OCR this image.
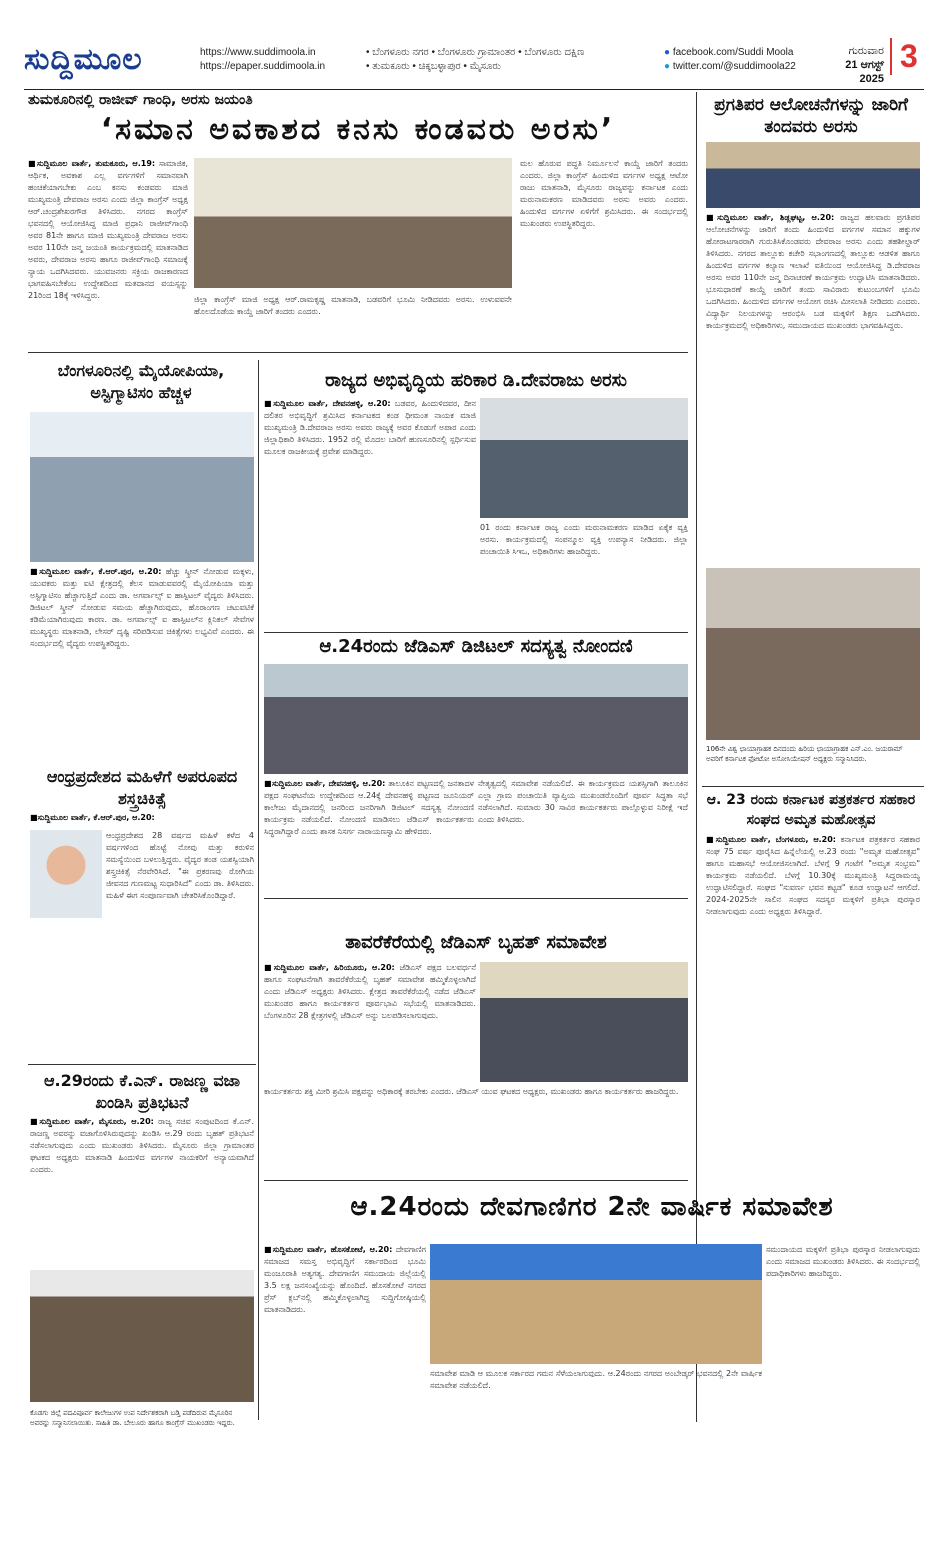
ಸುದ್ದಿಮೂಲ	https://www.suddimoola.in
https://epaper.suddimoola.in
• ಬೆಂಗಳೂರು ನಗರ • ಬೆಂಗಳೂರು ಗ್ರಾಮಾಂತರ • ಬೆಂಗಳೂರು ದಕ್ಷಿಣ
• ತುಮಕೂರು • ಚಿಕ್ಕಬಳ್ಳಾಪುರ • ಮೈಸೂರು
● facebook.com/Suddi Moola
● twitter.com/@suddimoola22
ಗುರುವಾರ
21 ಆಗಸ್ಟ್ 2025
3
ತುಮಕೂರಿನಲ್ಲಿ ರಾಜೀವ್ ಗಾಂಧಿ, ಅರಸು ಜಯಂತಿ
‘ಸಮಾನ ಅವಕಾಶದ ಕನಸು ಕಂಡವರು ಅರಸು’
■ಸುದ್ದಿಮೂಲ ವಾರ್ತೆ, ತುಮಕೂರು, ಆ.19: ಸಾಮಾಜಿಕ, ಆರ್ಥಿಕ, ಅವಕಾಶ ಎಲ್ಲ ವರ್ಗಗಳಿಗೆ ಸಮಾನವಾಗಿ ಹಂಚಿಕೆಯಾಗಬೇಕು ಎಂಬ ಕನಸು ಕಂಡವರು ಮಾಜಿ ಮುಖ್ಯಮಂತ್ರಿ ದೇವರಾಜ ಅರಸು ಎಂದು ಜಿಲ್ಲಾ ಕಾಂಗ್ರೆಸ್ ಅಧ್ಯಕ್ಷ ಆರ್.ಚಂದ್ರಶೇಖರಗೌಡ ತಿಳಿಸಿದರು. ನಗರದ ಕಾಂಗ್ರೆಸ್ ಭವನದಲ್ಲಿ ಆಯೋಜಿಸಿದ್ದ ಮಾಜಿ ಪ್ರಧಾನಿ ರಾಜೀವ್‌ಗಾಂಧಿ ಅವರ 81ನೇ ಹಾಗೂ ಮಾಜಿ ಮುಖ್ಯಮಂತ್ರಿ ದೇವರಾಜ ಅರಸು ಅವರ 110ನೇ ಜನ್ಮ ಜಯಂತಿ ಕಾರ್ಯಕ್ರಮದಲ್ಲಿ ಮಾತನಾಡಿದ ಅವರು, ದೇವರಾಜ ಅರಸು ಹಾಗೂ ರಾಜೀವ್‌ಗಾಂಧಿ ಸಮಾಜಕ್ಕೆ ನ್ಯಾಯ ಒದಗಿಸಿದವರು. ಯುವಜನರು ಸಕ್ರಿಯ ರಾಜಕಾರಣದ ಭಾಗವಹಿಸಬೇಕೆಂಬ ಉದ್ದೇಶದಿಂದ ಮತದಾನದ ವಯಸ್ಸನ್ನು 21ರಿಂದ 18ಕ್ಕೆ ಇಳಿಸಿದ್ದರು.
ಮಲ ಹೊರುವ ಪದ್ಧತಿ ನಿರ್ಮೂಲನೆ ಕಾಯ್ದೆ ಜಾರಿಗೆ ತಂದರು ಎಂದರು. ಜಿಲ್ಲಾ ಕಾಂಗ್ರೆಸ್ ಹಿಂದುಳಿದ ವರ್ಗಗಳ ಅಧ್ಯಕ್ಷ ಆಟೋ ರಾಜು ಮಾತನಾಡಿ, ಮೈಸೂರು ರಾಜ್ಯವನ್ನು ಕರ್ನಾಟಕ ಎಂದು ಮರುನಾಮಕರಣ ಮಾಡಿದವರು ಅರಸು ಅವರು ಎಂದರು. ಹಿಂದುಳಿದ ವರ್ಗಗಳ ಏಳಿಗೆಗೆ ಶ್ರಮಿಸಿದರು. ಈ ಸಂದರ್ಭದಲ್ಲಿ ಮುಖಂಡರು ಉಪಸ್ಥಿತರಿದ್ದರು.
ಜಿಲ್ಲಾ ಕಾಂಗ್ರೆಸ್ ಮಾಜಿ ಅಧ್ಯಕ್ಷ ಆರ್.ರಾಮಕೃಷ್ಣ ಮಾತನಾಡಿ, ಬಡವರಿಗೆ ಭೂಮಿ ನೀಡಿದವರು ಅರಸು. ಉಳುವವನೇ ಹೊಲದೊಡೆಯ ಕಾಯ್ದೆ ಜಾರಿಗೆ ತಂದರು ಎಂದರು.
ಪ್ರಗತಿಪರ ಆಲೋಚನೆಗಳನ್ನು ಜಾರಿಗೆ ತಂದವರು ಅರಸು
■ಸುದ್ದಿಮೂಲ ವಾರ್ತೆ, ಶಿಡ್ಲಘಟ್ಟ, ಆ.20: ರಾಜ್ಯದ ಹಲವಾರು ಪ್ರಗತಿಪರ ಆಲೋಚನೆಗಳನ್ನು ಜಾರಿಗೆ ತಂದು ಹಿಂದುಳಿದ ವರ್ಗಗಳ ಸಮಾನ ಹಕ್ಕುಗಳ ಹೋರಾಟಗಾರರಾಗಿ ಗುರುತಿಸಿಕೊಂಡವರು ದೇವರಾಜ ಅರಸು ಎಂದು ತಹಶೀಲ್ದಾರ್ ತಿಳಿಸಿದರು. ನಗರದ ತಾಲ್ಲೂಕು ಕಚೇರಿ ಸಭಾಂಗಣದಲ್ಲಿ ತಾಲ್ಲೂಕು ಆಡಳಿತ ಹಾಗೂ ಹಿಂದುಳಿದ ವರ್ಗಗಳ ಕಲ್ಯಾಣ ಇಲಾಖೆ ವತಿಯಿಂದ ಆಯೋಜಿಸಿದ್ದ ಡಿ.ದೇವರಾಜ ಅರಸು ಅವರ 110ನೇ ಜನ್ಮ ದಿನಾಚರಣೆ ಕಾರ್ಯಕ್ರಮ ಉದ್ಘಾಟಿಸಿ ಮಾತನಾಡಿದರು. ಭೂಸುಧಾರಣೆ ಕಾಯ್ದೆ ಜಾರಿಗೆ ತಂದು ಸಾವಿರಾರು ಕುಟುಂಬಗಳಿಗೆ ಭೂಮಿ ಒದಗಿಸಿದರು. ಹಿಂದುಳಿದ ವರ್ಗಗಳ ಆಯೋಗ ರಚಿಸಿ ಮೀಸಲಾತಿ ನೀಡಿದರು ಎಂದರು. ವಿದ್ಯಾರ್ಥಿ ನಿಲಯಗಳನ್ನು ಆರಂಭಿಸಿ ಬಡ ಮಕ್ಕಳಿಗೆ ಶಿಕ್ಷಣ ಒದಗಿಸಿದರು. ಕಾರ್ಯಕ್ರಮದಲ್ಲಿ ಅಧಿಕಾರಿಗಳು, ಸಮುದಾಯದ ಮುಖಂಡರು ಭಾಗವಹಿಸಿದ್ದರು.
ಬೆಂಗಳೂರಿನಲ್ಲಿ ಮೈಯೋಪಿಯಾ, ಅಸ್ಟಿಗ್ಮಾಟಿಸಂ ಹೆಚ್ಚಳ
■ಸುದ್ದಿಮೂಲ ವಾರ್ತೆ, ಕೆ.ಆರ್.ಪುರ, ಆ.20: ಹೆಚ್ಚು ಸ್ಕ್ರೀನ್ ನೋಡುವ ಮಕ್ಕಳು, ಯುವಕರು ಮತ್ತು ಐಟಿ ಕ್ಷೇತ್ರದಲ್ಲಿ ಕೆಲಸ ಮಾಡುವವರಲ್ಲಿ ಮೈಯೋಪಿಯಾ ಮತ್ತು ಅಸ್ಟಿಗ್ಮಾಟಿಸಂ ಹೆಚ್ಚಾಗುತ್ತಿದೆ ಎಂದು ಡಾ. ಅಗರ್ವಾಲ್ಸ್ ಐ ಹಾಸ್ಪಿಟಲ್ ವೈದ್ಯರು ತಿಳಿಸಿದರು. ಡಿಜಿಟಲ್ ಸ್ಕ್ರೀನ್ ನೋಡುವ ಸಮಯ ಹೆಚ್ಚಾಗಿರುವುದು, ಹೊರಾಂಗಣ ಚಟುವಟಿಕೆ ಕಡಿಮೆಯಾಗಿರುವುದು ಕಾರಣ. ಡಾ. ಅಗರ್ವಾಲ್ಸ್ ಐ ಹಾಸ್ಪಿಟಲ್‌ನ ಕ್ಲಿನಿಕಲ್ ಸೇವೆಗಳ ಮುಖ್ಯಸ್ಥರು ಮಾತನಾಡಿ, ಲೇಸರ್ ದೃಷ್ಟಿ ಸರಿಪಡಿಸುವ ಚಿಕಿತ್ಸೆಗಳು ಲಭ್ಯವಿವೆ ಎಂದರು. ಈ ಸಂದರ್ಭದಲ್ಲಿ ವೈದ್ಯರು ಉಪಸ್ಥಿತರಿದ್ದರು.
ರಾಜ್ಯದ ಅಭಿವೃದ್ಧಿಯ ಹರಿಕಾರ ಡಿ.ದೇವರಾಜು ಅರಸು
■ಸುದ್ದಿಮೂಲ ವಾರ್ತೆ, ದೇವನಹಳ್ಳಿ, ಆ.20: ಬಡವರ, ಹಿಂದುಳಿದವರ, ದೀನ ದಲಿತರ ಅಭಿವೃದ್ಧಿಗೆ ಶ್ರಮಿಸಿದ ಕರ್ನಾಟಕದ ಕಂಡ ಧೀಮಂತ ನಾಯಕ ಮಾಜಿ ಮುಖ್ಯಮಂತ್ರಿ ಡಿ.ದೇವರಾಜ ಅರಸು ಅವರು ರಾಜ್ಯಕ್ಕೆ ಅವರ ಕೊಡುಗೆ ಅಪಾರ ಎಂದು ಜಿಲ್ಲಾಧಿಕಾರಿ ತಿಳಿಸಿದರು. 1952 ರಲ್ಲಿ ಮೊದಲ ಬಾರಿಗೆ ಹುಣಸೂರಿನಲ್ಲಿ ಸ್ಪರ್ಧಿಸುವ ಮೂಲಕ ರಾಜಕೀಯಕ್ಕೆ ಪ್ರವೇಶ ಮಾಡಿದ್ದರು.
01 ರಂದು ಕರ್ನಾಟಕ ರಾಜ್ಯ ಎಂದು ಮರುನಾಮಕರಣ ಮಾಡಿದ ಏಕೈಕ ವ್ಯಕ್ತಿ ಅರಸು. ಕಾರ್ಯಕ್ರಮದಲ್ಲಿ ಸಂಪನ್ಮೂಲ ವ್ಯಕ್ತಿ ಉಪನ್ಯಾಸ ನೀಡಿದರು. ಜಿಲ್ಲಾ ಪಂಚಾಯಿತಿ ಸಿಇಒ, ಅಧಿಕಾರಿಗಳು ಹಾಜರಿದ್ದರು.
ಆ.24ರಂದು ಜೆಡಿಎಸ್ ಡಿಜಿಟಲ್ ಸದಸ್ಯತ್ವ ನೋಂದಣಿ
■ಸುದ್ದಿಮೂಲ ವಾರ್ತೆ, ದೇವನಹಳ್ಳಿ, ಆ.20: ತಾಲೂಕಿನ ಪಟ್ಟಣದಲ್ಲಿ ಜನತಾದಳ ಪಕ್ಷದ ಸಂಘಟನೆಯ ಉದ್ದೇಶದಿಂದ ಆ.24ಕ್ಕೆ ದೇವನಹಳ್ಳಿ ಪಟ್ಟಣದ ಜೂನಿಯರ್ ಕಾಲೇಜು ಮೈದಾನದಲ್ಲಿ ಜನರಿಂದ ಜನರಿಗಾಗಿ ಡಿಜಿಟಲ್ ಸದಸ್ಯತ್ವ ನೋಂದಣಿ ಕಾರ್ಯಕ್ರಮ ನಡೆಯಲಿದೆ. ನೋಂದಣಿ ಮಾಡಿಸಲು ಜೆಡಿಎಸ್ ಕಾರ್ಯಕರ್ತರು ಸಿದ್ಧರಾಗಿದ್ದಾರೆ ಎಂದು ಶಾಸಕ ನಿಸರ್ಗ ನಾರಾಯಣಸ್ವಾಮಿ ಹೇಳಿದರು.
ನೇತೃತ್ವದಲ್ಲಿ ಸಮಾವೇಶ ನಡೆಯಲಿದೆ. ಈ ಕಾರ್ಯಕ್ರಮದ ಯಶಸ್ಸಿಗಾಗಿ ತಾಲೂಕಿನ ಎಲ್ಲಾ ಗ್ರಾಮ ಪಂಚಾಯಿತಿ ವ್ಯಾಪ್ತಿಯ ಮುಖಂಡರೊಂದಿಗೆ ಪೂರ್ವ ಸಿದ್ಧತಾ ಸಭೆ ನಡೆಸಲಾಗಿದೆ. ಸುಮಾರು 30 ಸಾವಿರ ಕಾರ್ಯಕರ್ತರು ಪಾಲ್ಗೊಳ್ಳುವ ನಿರೀಕ್ಷೆ ಇದೆ ಎಂದು ತಿಳಿಸಿದರು.
ಆಂಧ್ರಪ್ರದೇಶದ ಮಹಿಳೆಗೆ ಅಪರೂಪದ ಶಸ್ತ್ರಚಿಕಿತ್ಸೆ
■ಸುದ್ದಿಮೂಲ ವಾರ್ತೆ, ಕೆ.ಆರ್.ಪುರ, ಆ.20:
ಆಂಧ್ರಪ್ರದೇಶದ 28 ವರ್ಷದ ಮಹಿಳೆ ಕಳೆದ 4 ವರ್ಷಗಳಿಂದ ಹೊಟ್ಟೆ ನೋವು ಮತ್ತು ಕರುಳಿನ ಸಮಸ್ಯೆಯಿಂದ ಬಳಲುತ್ತಿದ್ದರು. ವೈದ್ಯರ ತಂಡ ಯಶಸ್ವಿಯಾಗಿ ಶಸ್ತ್ರಚಿಕಿತ್ಸೆ ನೆರವೇರಿಸಿದೆ. "ಈ ಪ್ರಕರಣವು ರೋಗಿಯ ಜೀವನದ ಗುಣಮಟ್ಟ ಸುಧಾರಿಸಿದೆ" ಎಂದು ಡಾ. ತಿಳಿಸಿದರು. ಮಹಿಳೆ ಈಗ ಸಂಪೂರ್ಣವಾಗಿ ಚೇತರಿಸಿಕೊಂಡಿದ್ದಾರೆ.
ತಾವರೆಕೆರೆಯಲ್ಲಿ ಜೆಡಿಎಸ್ ಬೃಹತ್ ಸಮಾವೇಶ
■ಸುದ್ದಿಮೂಲ ವಾರ್ತೆ, ಹಿರಿಯೂರು, ಆ.20: ಜೆಡಿಎಸ್ ಪಕ್ಷದ ಬಲವರ್ಧನೆ ಹಾಗೂ ಸಂಘಟನೆಗಾಗಿ ತಾವರೆಕೆರೆಯಲ್ಲಿ ಬೃಹತ್ ಸಮಾವೇಶ ಹಮ್ಮಿಕೊಳ್ಳಲಾಗಿದೆ ಎಂದು ಜೆಡಿಎಸ್ ಅಧ್ಯಕ್ಷರು ತಿಳಿಸಿದರು. ಕ್ಷೇತ್ರದ ತಾವರೆಕೆರೆಯಲ್ಲಿ ನಡೆದ ಜೆಡಿಎಸ್ ಮುಖಂಡರ ಹಾಗೂ ಕಾರ್ಯಕರ್ತರ ಪೂರ್ವಭಾವಿ ಸಭೆಯಲ್ಲಿ ಮಾತನಾಡಿದರು. ಬೆಂಗಳೂರಿನ 28 ಕ್ಷೇತ್ರಗಳಲ್ಲಿ ಜೆಡಿಎಸ್ ಅನ್ನು ಬಲಪಡಿಸಲಾಗುವುದು.
ಕಾರ್ಯಕರ್ತರು ಶಕ್ತಿ ಮೀರಿ ಶ್ರಮಿಸಿ ಪಕ್ಷವನ್ನು ಅಧಿಕಾರಕ್ಕೆ ತರಬೇಕು ಎಂದರು. ಜೆಡಿಎಸ್ ಯುವ ಘಟಕದ ಅಧ್ಯಕ್ಷರು, ಮುಖಂಡರು ಹಾಗೂ ಕಾರ್ಯಕರ್ತರು ಹಾಜರಿದ್ದರು.
ಆ.29ರಂದು ಕೆ.ಎನ್. ರಾಜಣ್ಣ ವಜಾ ಖಂಡಿಸಿ ಪ್ರತಿಭಟನೆ
■ಸುದ್ದಿಮೂಲ ವಾರ್ತೆ, ಮೈಸೂರು, ಆ.20: ರಾಜ್ಯ ಸಚಿವ ಸಂಪುಟದಿಂದ ಕೆ.ಎನ್. ರಾಜಣ್ಣ ಅವರನ್ನು ವಜಾಗೊಳಿಸಿರುವುದನ್ನು ಖಂಡಿಸಿ ಆ.29 ರಂದು ಬೃಹತ್ ಪ್ರತಿಭಟನೆ ನಡೆಸಲಾಗುವುದು ಎಂದು ಮುಖಂಡರು ತಿಳಿಸಿದರು. ಮೈಸೂರು ಜಿಲ್ಲಾ ಗ್ರಾಮಾಂತರ ಘಟಕದ ಅಧ್ಯಕ್ಷರು ಮಾತನಾಡಿ ಹಿಂದುಳಿದ ವರ್ಗಗಳ ನಾಯಕರಿಗೆ ಅನ್ಯಾಯವಾಗಿದೆ ಎಂದರು.
ಕೊಡಗು ಜಿಲ್ಲೆ ಪದವಿಪೂರ್ವ ಕಾಲೇಜುಗಳ ಉಪ ನಿರ್ದೇಶಕರಾಗಿ ಬಡ್ತಿ ಪಡೆದಿರುವ ಮೈಸೂರಿನ ಅವರನ್ನು ಸನ್ಮಾನಿಸಲಾಯಿತು. ಸಾಹಿತಿ ಡಾ. ಬೇಲೂರು ಹಾಗೂ ಕಾಂಗ್ರೆಸ್ ಮುಖಂಡರು ಇದ್ದರು.
106ನೇ ವಿಶ್ವ ಛಾಯಾಗ್ರಾಹಕ ದಿನದಂದು ಹಿರಿಯ ಛಾಯಾಗ್ರಾಹಕ ಎನ್.ಎಂ. ಜಯರಾಮ್ ಅವರಿಗೆ ಕರ್ನಾಟಕ ಫೋಟೋ ಅಸೋಸಿಯೇಷನ್ ಅಧ್ಯಕ್ಷರು ಸನ್ಮಾನಿಸಿದರು.
ಆ. 23 ರಂದು ಕರ್ನಾಟಕ ಪತ್ರಕರ್ತರ ಸಹಕಾರ ಸಂಘದ ಅಮೃತ ಮಹೋತ್ಸವ
■ಸುದ್ದಿಮೂಲ ವಾರ್ತೆ, ಬೆಂಗಳೂರು, ಆ.20: ಕರ್ನಾಟಕ ಪತ್ರಕರ್ತರ ಸಹಕಾರ ಸಂಘ 75 ವರ್ಷ ಪೂರೈಸಿದ ಹಿನ್ನೆಲೆಯಲ್ಲಿ ಆ.23 ರಂದು "ಅಮೃತ ಮಹೋತ್ಸವ" ಹಾಗೂ ಮಹಾಸಭೆ ಆಯೋಜಿಸಲಾಗಿದೆ. ಬೆಳಗ್ಗೆ 9 ಗಂಟೆಗೆ "ಅಮೃತ ಸಂಭ್ರಮ" ಕಾರ್ಯಕ್ರಮ ನಡೆಯಲಿದೆ. ಬೆಳಗ್ಗೆ 10.30ಕ್ಕೆ ಮುಖ್ಯಮಂತ್ರಿ ಸಿದ್ದರಾಮಯ್ಯ ಉದ್ಘಾಟಿಸಲಿದ್ದಾರೆ. ಸಂಘದ "ಸುವರ್ಣ ಭವನ ಕಟ್ಟಡ" ಕೂಡ ಉದ್ಘಾಟನೆ ಆಗಲಿದೆ. 2024-2025ನೇ ಸಾಲಿನ ಸಂಘದ ಸದಸ್ಯರ ಮಕ್ಕಳಿಗೆ ಪ್ರತಿಭಾ ಪುರಸ್ಕಾರ ನೀಡಲಾಗುವುದು ಎಂದು ಅಧ್ಯಕ್ಷರು ತಿಳಿಸಿದ್ದಾರೆ.
ಆ.24ರಂದು ದೇವಗಾಣಿಗರ 2ನೇ ವಾರ್ಷಿಕ ಸಮಾವೇಶ
■ಸುದ್ದಿಮೂಲ ವಾರ್ತೆ, ಹೊಸಕೋಟೆ, ಆ.20: ದೇವಗಾಣಿಗ ಸಮಾಜದ ಸಮಸ್ತ ಅಭಿವೃದ್ಧಿಗೆ ಸರ್ಕಾರದಿಂದ ಭೂಮಿ ಮಂಜೂರಾತಿ ಅತ್ಯಗತ್ಯ. ದೇವಗಾಣಿಗ ಸಮುದಾಯ ಜಿಲ್ಲೆಯಲ್ಲಿ 3.5 ಲಕ್ಷ ಜನಸಂಖ್ಯೆಯನ್ನು ಹೊಂದಿದೆ. ಹೊಸಕೋಟೆ ನಗರದ ಪ್ರೆಸ್ ಕ್ಲಬ್‌ನಲ್ಲಿ ಹಮ್ಮಿಕೊಳ್ಳಲಾಗಿದ್ದ ಸುದ್ದಿಗೋಷ್ಠಿಯಲ್ಲಿ ಮಾತನಾಡಿದರು.
ಸಮಾವೇಶ ಮಾಡಿ ಆ ಮೂಲಕ ಸರ್ಕಾರದ ಗಮನ ಸೆಳೆಯಲಾಗುವುದು. ಆ.24ರಂದು ನಗರದ ಅಂಬೇಡ್ಕರ್ ಭವನದಲ್ಲಿ 2ನೇ ವಾರ್ಷಿಕ ಸಮಾವೇಶ ನಡೆಯಲಿದೆ.
ಸಮುದಾಯದ ಮಕ್ಕಳಿಗೆ ಪ್ರತಿಭಾ ಪುರಸ್ಕಾರ ನೀಡಲಾಗುವುದು ಎಂದು ಸಮಾಜದ ಮುಖಂಡರು ತಿಳಿಸಿದರು. ಈ ಸಂದರ್ಭದಲ್ಲಿ ಪದಾಧಿಕಾರಿಗಳು ಹಾಜರಿದ್ದರು.
